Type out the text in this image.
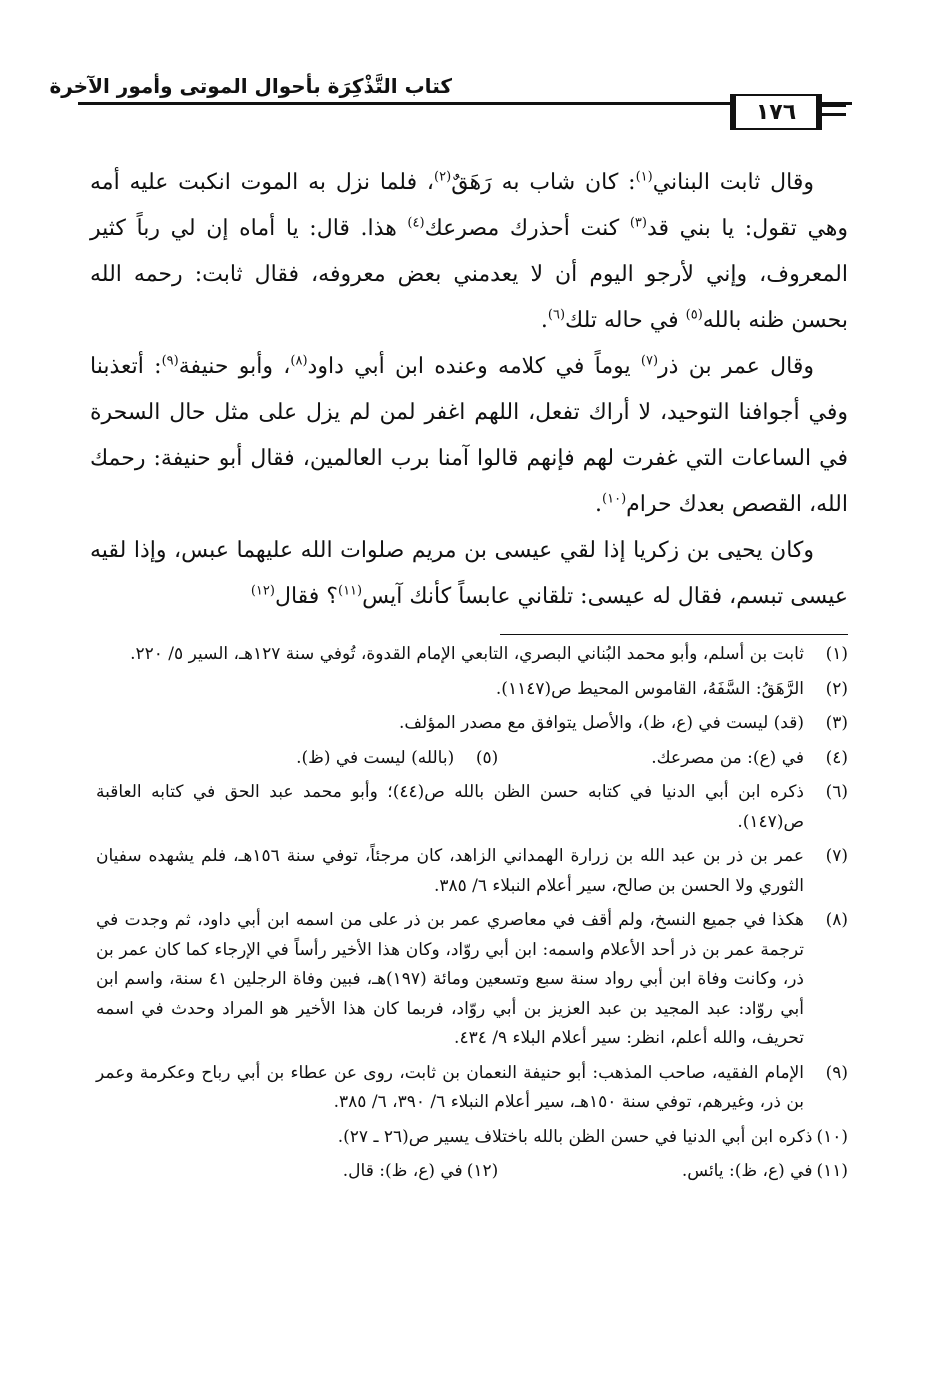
كتاب التَّذْكِرَة بأحوال الموتى وأمور الآخرة
١٧٦

وقال ثابت البناني$^{(١)}$: كان شاب به رَهَقٌ$^{(٢)}$، فلما نزل به الموت انكبت عليه أمه وهي تقول: يا بني قد$^{(٣)}$ كنت أحذرك مصرعك$^{(٤)}$ هذا. قال: يا أماه إن لي رباً كثير المعروف، وإني لأرجو اليوم أن لا يعدمني بعض معروفه، فقال ثابت: رحمه الله بحسن ظنه بالله$^{(٥)}$ في حاله تلك$^{(٦)}$.

وقال عمر بن ذر$^{(٧)}$ يوماً في كلامه وعنده ابن أبي داود$^{(٨)}$، وأبو حنيفة$^{(٩)}$: أتعذبنا وفي أجوافنا التوحيد، لا أراك تفعل، اللهم اغفر لمن لم يزل على مثل حال السحرة في الساعات التي غفرت لهم فإنهم قالوا آمنا برب العالمين، فقال أبو حنيفة: رحمك الله، القصص بعدك حرام$^{(١٠)}$.

وكان يحيى بن زكريا إذا لقي عيسى بن مريم صلوات الله عليهما عبس، وإذا لقيه عيسى تبسم، فقال له عيسى: تلقاني عابساً كأنك آيس$^{(١١)}$؟ فقال$^{(١٢)}$

(١)
ثابت بن أسلم، وأبو محمد البُناني البصري، التابعي الإمام القدوة، تُوفي سنة ١٢٧هـ، السير ٥/ ٢٢٠.
(٢)
الرَّهَقُ: السَّفَهُ، القاموس المحيط ص(١١٤٧).
(٣)
(قد) ليست في (ع، ظ)، والأصل يتوافق مع مصدر المؤلف.
(٤)
في (ع): من مصرعك.
(٥)
(بالله) ليست في (ظ).
(٦)
ذكره ابن أبي الدنيا في كتابه حسن الظن بالله ص(٤٤)؛ وأبو محمد عبد الحق في كتابه العاقبة ص(١٤٧).
(٧)
عمر بن ذر بن عبد الله بن زرارة الهمداني الزاهد، كان مرجئاً، توفي سنة ١٥٦هـ، فلم يشهده سفيان الثوري ولا الحسن بن صالح، سير أعلام النبلاء ٦/ ٣٨٥.
(٨)
هكذا في جميع النسخ، ولم أقف في معاصري عمر بن ذر على من اسمه ابن أبي داود، ثم وجدت في ترجمة عمر بن ذر أحد الأعلام واسمه: ابن أبي روّاد، وكان هذا الأخير رأساً في الإرجاء كما كان عمر بن ذر، وكانت وفاة ابن أبي رواد سنة سبع وتسعين ومائة (١٩٧)هـ، فبين وفاة الرجلين ٤١ سنة، واسم ابن أبي روّاد: عبد المجيد بن عبد العزيز بن أبي روّاد، فربما كان هذا الأخير هو المراد وحدث في اسمه تحريف، والله أعلم، انظر: سير أعلام البلاء ٩/ ٤٣٤.
(٩)
الإمام الفقيه، صاحب المذهب: أبو حنيفة النعمان بن ثابت، روى عن عطاء بن أبي رباح وعكرمة وعمر بن ذر، وغيرهم، توفي سنة ١٥٠هـ، سير أعلام النبلاء ٦/ ٣٩٠، ٦/ ٣٨٥.
(١٠)
ذكره ابن أبي الدنيا في حسن الظن بالله باختلاف يسير ص(٢٦ ـ ٢٧).
(١١)
في (ع، ظ): يائس.
(١٢)
في (ع، ظ): قال.
